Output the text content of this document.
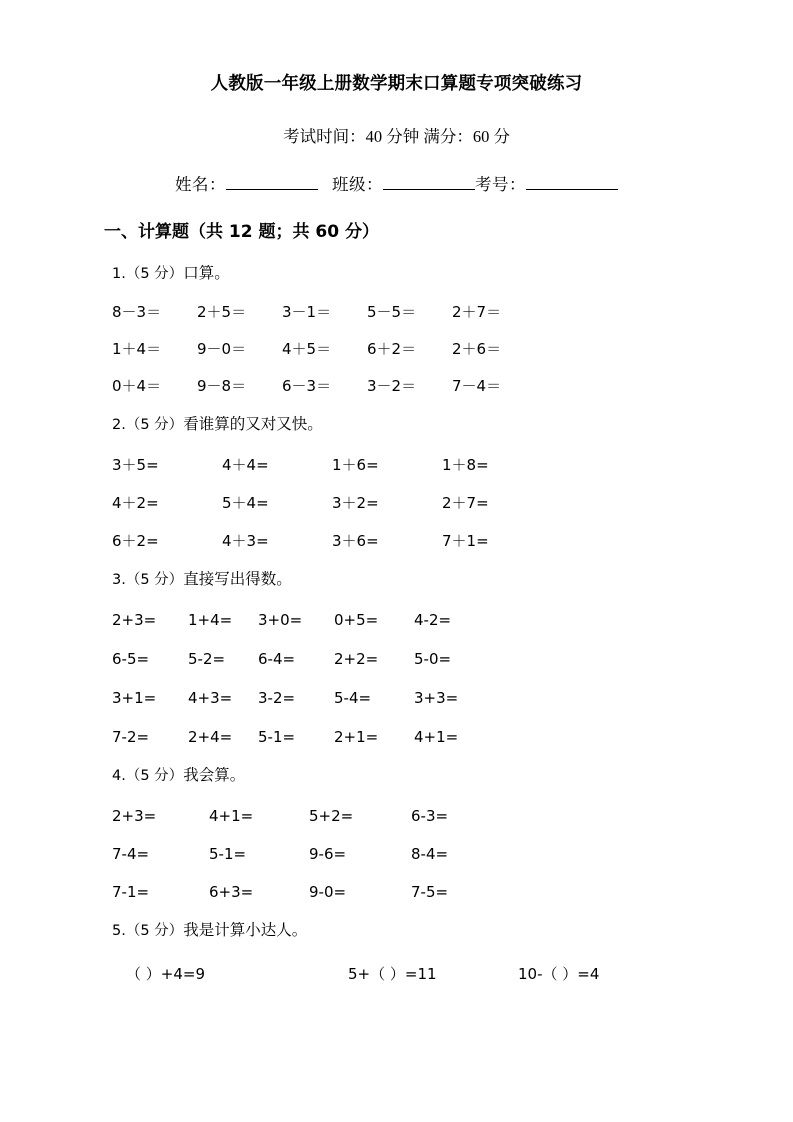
人教版一年级上册数学期末口算题专项突破练习

考试时间：40 分钟 满分：60 分

姓名：	班级：	考号：
一、计算题（共 12 题；共 60 分）

1.（5 分）口算。

8－3＝	2＋5＝	3－1＝	5－5＝	2＋7＝
1＋4＝	9－0＝	4＋5＝	6＋2＝	2＋6＝
0＋4＝	9－8＝	6－3＝	3－2＝	7－4＝

2.（5 分）看谁算的又对又快。

3＋5=	4＋4=	1＋6=	1＋8=
4＋2=	5＋4=	3＋2=	2＋7=
6＋2=	4＋3=	3＋6=	7＋1=

3.（5 分）直接写出得数。

2+3=	1+4=	3+0=	0+5=	4-2=
6-5=	5-2=	6-4=	2+2=	5-0=
3+1=	4+3=	3-2=	5-4=	3+3=
7-2=	2+4=	5-1=	2+1=	4+1=

4.（5 分）我会算。

2+3=	4+1=	5+2=	6-3=
7-4=	5-1=	9-6=	8-4=
7-1=	6+3=	9-0=	7-5=

5.（5 分）我是计算小达人。

（ ）+4=9	5+（ ）=11	10-（ ）=4
